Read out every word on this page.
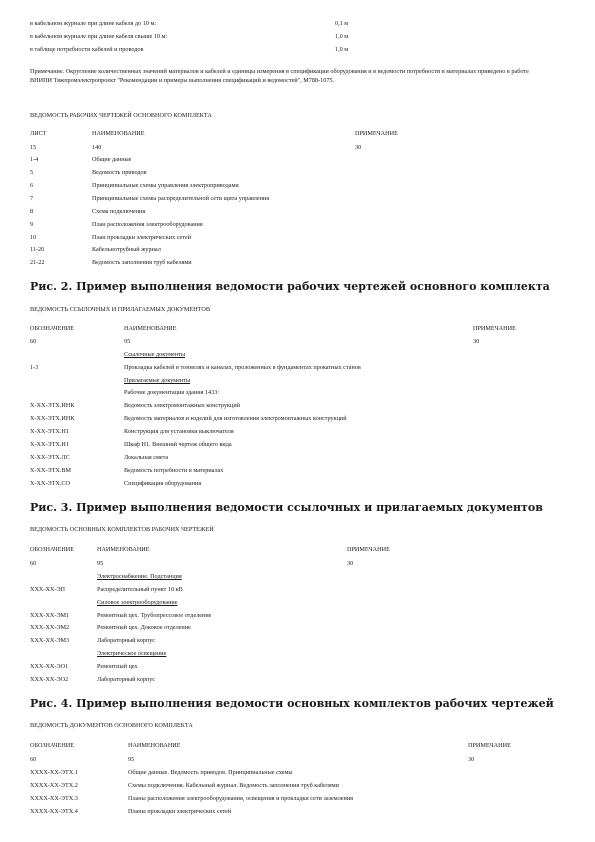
в кабельном журнале при длине кабеля до 10 м:	0,1 м
в кабельном журнале при длине кабеля свыше 10 м:	1,0 м
в таблице потребности кабелей и проводов	1,0 м
Примечание. Округление количественных значений материалов и кабелей и единицы измерения в спецификации оборудования и в ведомости потребности в материалах приведено в работе ВНИПИ Тяжпромэлектропроект "Рекомендации и примеры выполнения спецификаций и ведомостей", М788-1075.
ВЕДОМОСТЬ РАБОЧИХ ЧЕРТЕЖЕЙ ОСНОВНОГО КОМПЛЕКТА
ЛИСТ	НАИМЕНОВАНИЕ	ПРИМЕЧАНИЕ
15	140	30
1-4	Общие данные
5	Ведомость приводов
6	Принципиальные схемы управления электроприводами
7	Принципиальные схемы распределительной сети щита управления
8	Схема подключения
9	План расположения электрооборудования
10	План прокладки электрических сетей
11-20	Кабельнотрубный журнал
21-22	Ведомость заполнения труб кабелями
Рис. 2. Пример выполнения ведомости рабочих чертежей основного комплекта
ВЕДОМОСТЬ ССЫЛОЧНЫХ И ПРИЛАГАЕМЫХ ДОКУМЕНТОВ
ОБОЗНАЧЕНИЕ	НАИМЕНОВАНИЕ	ПРИМЕЧАНИЕ
60	95	30
Ссылочные документы
1-3	Прокладка кабелей в тоннелях и каналах, проложенных в фундаментах прокатных станов
Прилагаемые документы
Рабочие документация здания 1433:
Х-ХХ-ЭТХ.ИНК	Ведомость электромонтажных конструкций
Х-ХХ-ЭТХ.ИНК	Ведомость материалов и изделий для изготовления электромонтажных конструкций
Х-ХХ-ЭТХ.Н1	Конструкция для установки выключателя
Х-ХХ-ЭТХ.Н1	Шкаф Н1. Внешний чертеж общего вида
Х-ХХ-ЭТХ.ЛС	Локальная смета
Х-ХХ-ЭТХ.ВМ	Ведомость потребности в материалах
Х-ХХ-ЭТХ.СО	Спецификация оборудования
Рис. 3. Пример выполнения ведомости ссылочных и прилагаемых документов
ВЕДОМОСТЬ ОСНОВНЫХ КОМПЛЕКТОВ РАБОЧИХ ЧЕРТЕЖЕЙ
ОБОЗНАЧЕНИЕ	НАИМЕНОВАНИЕ	ПРИМЕЧАНИЕ
60	95	30
Электроснабжение. Подстанция
ХХХ-ХХ-ЭП	Распределительный пункт 10 кВ
Силовое электрооборудование
ХХХ-ХХ-ЭМ1	Ремонтный цех. Трубопрессовое отделение
ХХХ-ХХ-ЭМ2	Ремонтный цех. Доковое отделение
ХХХ-ХХ-ЭМ3	Лабораторный корпус
Электрическое освещение
ХХХ-ХХ-ЭО1	Ремонтный цех
ХХХ-ХХ-ЭО2	Лабораторный корпус
Рис. 4. Пример выполнения ведомости основных комплектов рабочих чертежей
ВЕДОМОСТЬ ДОКУМЕНТОВ ОСНОВНОГО КОМПЛЕКТА
ОБОЗНАЧЕНИЕ	НАИМЕНОВАНИЕ	ПРИМЕЧАНИЕ
60	95	30
ХХХХ-ХХ-ЭТХ.1	Общие данные. Ведомость приводов. Принципиальные схемы
ХХХХ-ХХ-ЭТХ.2	Схемы подключения. Кабельный журнал. Ведомость заполнения труб кабелями
ХХХХ-ХХ-ЭТХ.3	Планы расположения электрооборудования, освещения и прокладки сети заземления
ХХХХ-ХХ-ЭТХ.4	Планы прокладки электрических сетей
